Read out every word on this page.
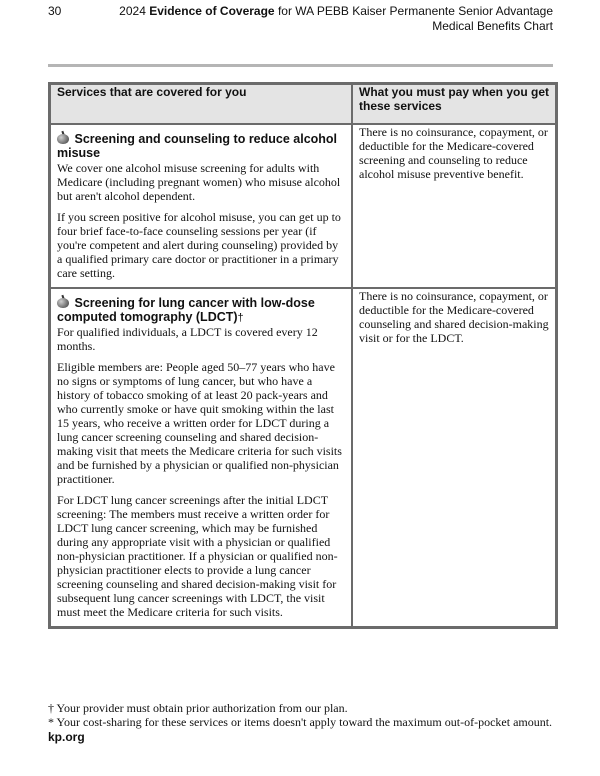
30	2024 Evidence of Coverage for WA PEBB Kaiser Permanente Senior Advantage
Medical Benefits Chart
Services that are covered for you	What you must pay when you get these services

Screening and counseling to reduce alcohol misuse

We cover one alcohol misuse screening for adults with Medicare (including pregnant women) who misuse alcohol but aren't alcohol dependent.

If you screen positive for alcohol misuse, you can get up to four brief face-to-face counseling sessions per year (if you're competent and alert during counseling) provided by a qualified primary care doctor or practitioner in a primary care setting.	There is no coinsurance, copayment, or deductible for the Medicare-covered screening and counseling to reduce alcohol misuse preventive benefit.

Screening for lung cancer with low-dose computed tomography (LDCT)†

For qualified individuals, a LDCT is covered every 12 months.

Eligible members are: People aged 50–77 years who have no signs or symptoms of lung cancer, but who have a history of tobacco smoking of at least 20 pack-years and who currently smoke or have quit smoking within the last 15 years, who receive a written order for LDCT during a lung cancer screening counseling and shared decision-making visit that meets the Medicare criteria for such visits and be furnished by a physician or qualified non-physician practitioner.

For LDCT lung cancer screenings after the initial LDCT screening: The members must receive a written order for LDCT lung cancer screening, which may be furnished during any appropriate visit with a physician or qualified non-physician practitioner. If a physician or qualified non-physician practitioner elects to provide a lung cancer screening counseling and shared decision-making visit for subsequent lung cancer screenings with LDCT, the visit must meet the Medicare criteria for such visits.	There is no coinsurance, copayment, or deductible for the Medicare-covered counseling and shared decision-making visit or for the LDCT.

† Your provider must obtain prior authorization from our plan.
* Your cost-sharing for these services or items doesn't apply toward the maximum out-of-pocket amount.
kp.org
